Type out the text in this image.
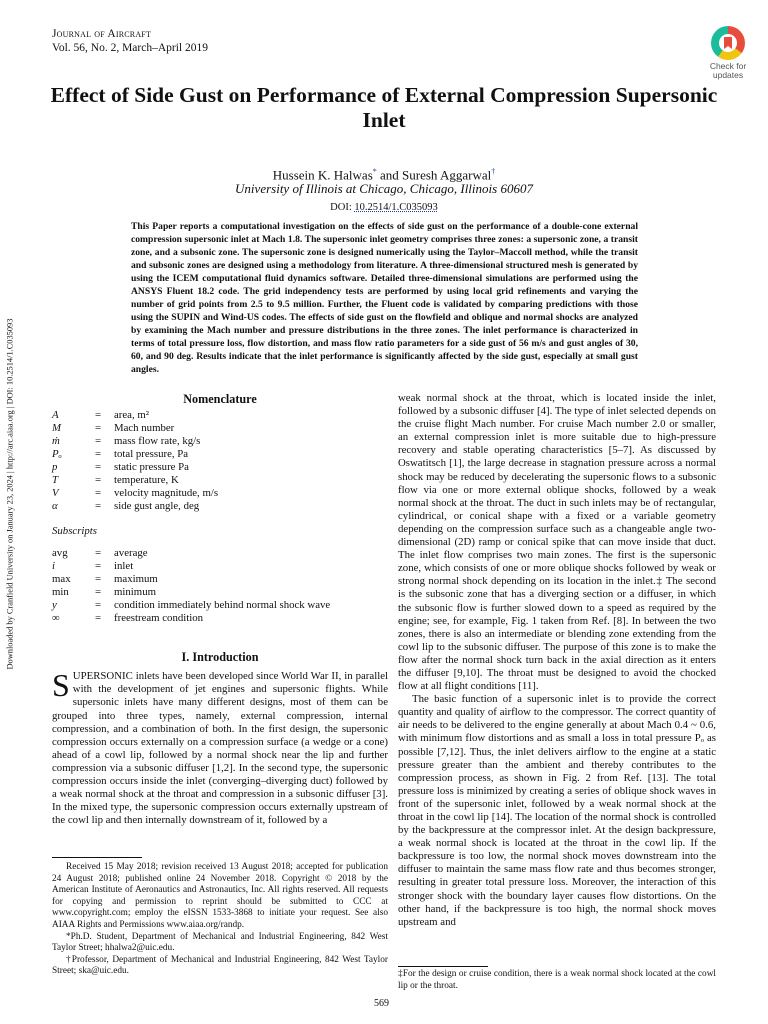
Journal of Aircraft
Vol. 56, No. 2, March–April 2019
Check for
updates
Effect of Side Gust on Performance of External Compression Supersonic Inlet
Hussein K. Halwas* and Suresh Aggarwal†
University of Illinois at Chicago, Chicago, Illinois 60607
DOI: 10.2514/1.C035093
This Paper reports a computational investigation on the effects of side gust on the performance of a double-cone external compression supersonic inlet at Mach 1.8. The supersonic inlet geometry comprises three zones: a supersonic zone, a transit zone, and a subsonic zone. The supersonic zone is designed numerically using the Taylor–Maccoll method, while the transit and subsonic zones are designed using a methodology from literature. A three-dimensional structured mesh is generated by using the ICEM computational fluid dynamics software. Detailed three-dimensional simulations are performed using the ANSYS Fluent 18.2 code. The grid independency tests are performed by using local grid refinements and varying the number of grid points from 2.5 to 9.5 million. Further, the Fluent code is validated by comparing predictions with those using the SUPIN and Wind-US codes. The effects of side gust on the flowfield and oblique and normal shocks are analyzed by examining the Mach number and pressure distributions in the three zones. The inlet performance is characterized in terms of total pressure loss, flow distortion, and mass flow ratio parameters for a side gust of 56 m/s and gust angles of 30, 60, and 90 deg. Results indicate that the inlet performance is significantly affected by the side gust, especially at small gust angles.
Downloaded by Cranfield University on January 23, 2024 | http://arc.aiaa.org | DOI: 10.2514/1.C035093	Nomenclature
A	=	area, m²
M	=	Mach number
ṁ	=	mass flow rate, kg/s
Pₒ	=	total pressure, Pa
p	=	static pressure Pa
T	=	temperature, K
V	=	velocity magnitude, m/s
α	=	side gust angle, deg
Subscripts
avg	=	average
i	=	inlet
max	=	maximum
min	=	minimum
y	=	condition immediately behind normal shock wave
∞	=	freestream condition
I. Introduction

SUPERSONIC inlets have been developed since World War II, in parallel with the development of jet engines and supersonic flights. While supersonic inlets have many different designs, most of them can be grouped into three types, namely, external compression, internal compression, and a combination of both. In the first design, the supersonic compression occurs externally on a compression surface (a wedge or a cone) ahead of a cowl lip, followed by a normal shock near the lip and further compression via a subsonic diffuser [1,2]. In the second type, the supersonic compression occurs inside the inlet (converging–diverging duct) followed by a weak normal shock at the throat and compression in a subsonic diffuser [3]. In the mixed type, the supersonic compression occurs externally upstream of the cowl lip and then internally downstream of it, followed by a

Received 15 May 2018; revision received 13 August 2018; accepted for publication 24 August 2018; published online 24 November 2018. Copyright © 2018 by the American Institute of Aeronautics and Astronautics, Inc. All rights reserved. All requests for copying and permission to reprint should be submitted to CCC at www.copyright.com; employ the eISSN 1533-3868 to initiate your request. See also AIAA Rights and Permissions www.aiaa.org/randp.

*Ph.D. Student, Department of Mechanical and Industrial Engineering, 842 West Taylor Street; hhalwa2@uic.edu.

†Professor, Department of Mechanical and Industrial Engineering, 842 West Taylor Street; ska@uic.edu.

weak normal shock at the throat, which is located inside the inlet, followed by a subsonic diffuser [4]. The type of inlet selected depends on the cruise flight Mach number. For cruise Mach number 2.0 or smaller, an external compression inlet is more suitable due to high-pressure recovery and stable operating characteristics [5–7]. As discussed by Oswatitsch [1], the large decrease in stagnation pressure across a normal shock may be reduced by decelerating the supersonic flows to a subsonic flow via one or more external oblique shocks, followed by a weak normal shock at the throat. The duct in such inlets may be of rectangular, cylindrical, or conical shape with a fixed or a variable geometry depending on the compression surface such as a changeable angle two-dimensional (2D) ramp or conical spike that can move inside that duct. The inlet flow comprises two main zones. The first is the supersonic zone, which consists of one or more oblique shocks followed by weak or strong normal shock depending on its location in the inlet.‡ The second is the subsonic zone that has a diverging section or a diffuser, in which the subsonic flow is further slowed down to a speed as required by the engine; see, for example, Fig. 1 taken from Ref. [8]. In between the two zones, there is also an intermediate or blending zone extending from the cowl lip to the subsonic diffuser. The purpose of this zone is to make the flow after the normal shock turn back in the axial direction as it enters the diffuser [9,10]. The throat must be designed to avoid the chocked flow at all flight conditions [11].

The basic function of a supersonic inlet is to provide the correct quantity and quality of airflow to the compressor. The correct quantity of air needs to be delivered to the engine generally at about Mach 0.4 ~ 0.6, with minimum flow distortions and as small a loss in total pressure Pₒ as possible [7,12]. Thus, the inlet delivers airflow to the engine at a static pressure greater than the ambient and thereby contributes to the compression process, as shown in Fig. 2 from Ref. [13]. The total pressure loss is minimized by creating a series of oblique shock waves in front of the supersonic inlet, followed by a weak normal shock at the throat in the cowl lip [14]. The location of the normal shock is controlled by the backpressure at the compressor inlet. At the design backpressure, a weak normal shock is located at the throat in the cowl lip. If the backpressure is too low, the normal shock moves downstream into the diffuser to maintain the same mass flow rate and thus becomes stronger, resulting in greater total pressure loss. Moreover, the interaction of this stronger shock with the boundary layer causes flow distortions. On the other hand, if the backpressure is too high, the normal shock moves upstream and

‡For the design or cruise condition, there is a weak normal shock located at the cowl lip or the throat.
569
